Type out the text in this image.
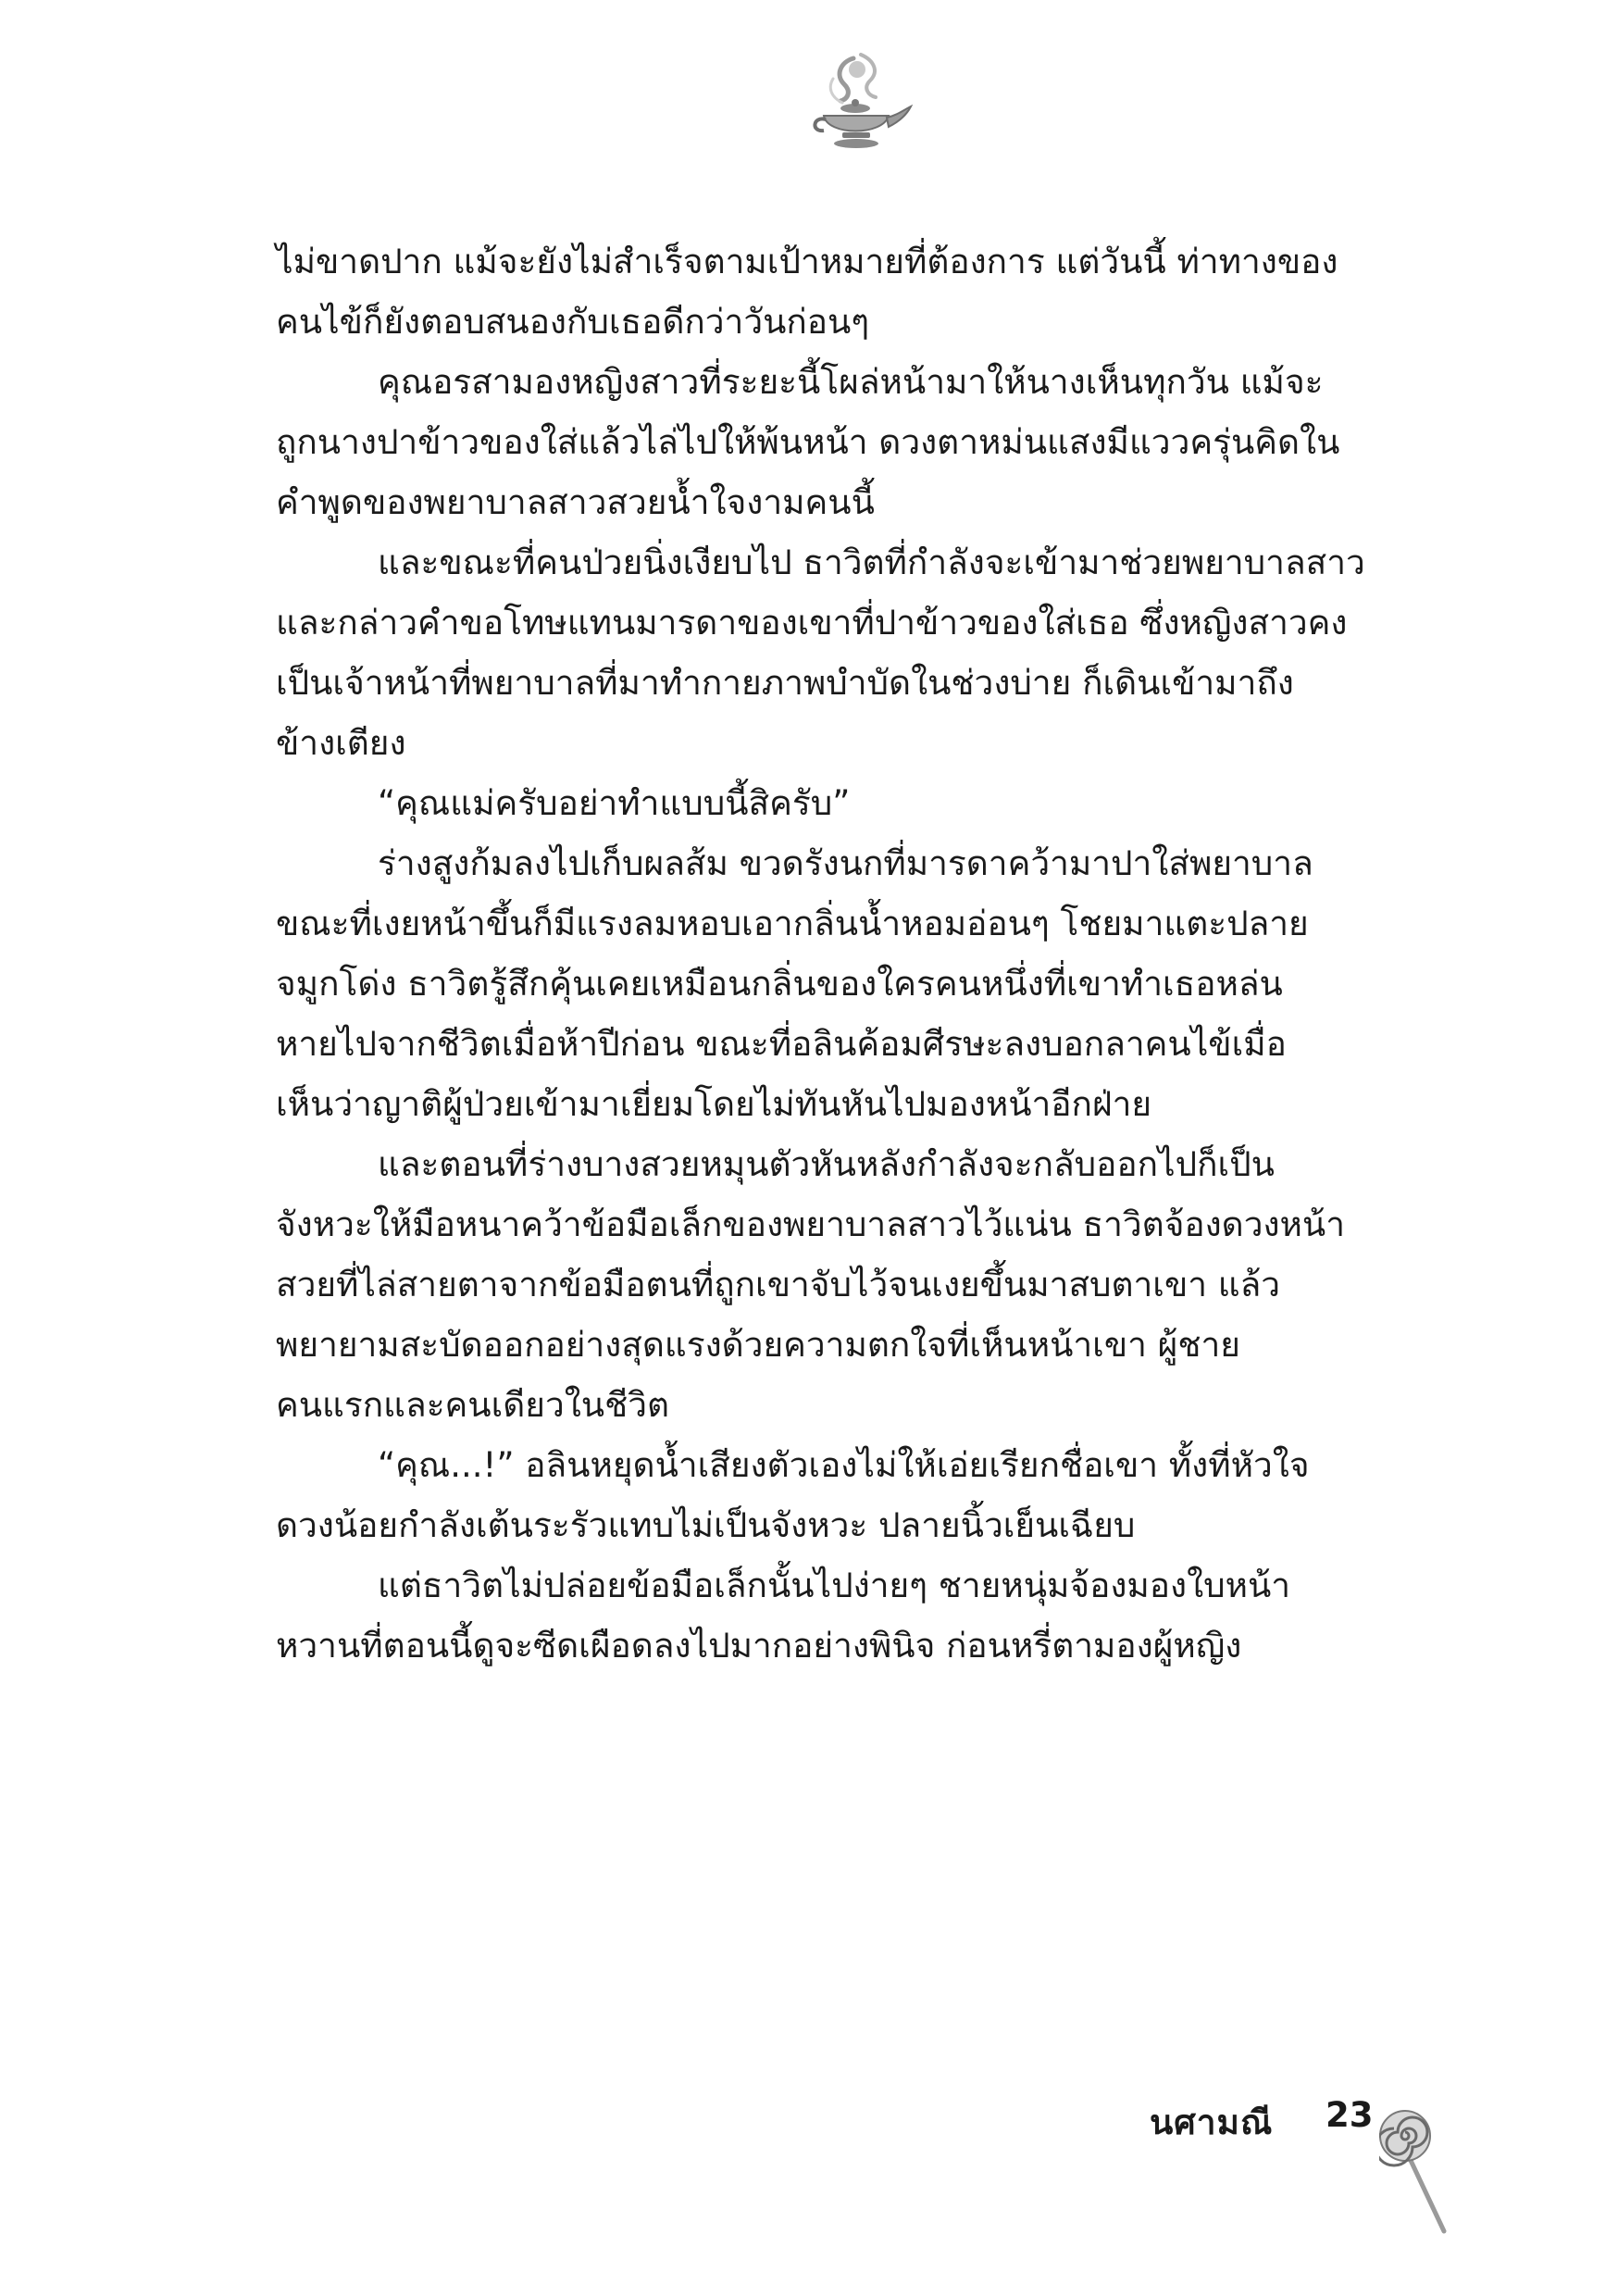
ไม่ขาดปาก แม้จะยังไม่สำเร็จตามเป้าหมายที่ต้องการ แต่วันนี้ ท่าทางของ

คนไข้ก็ยังตอบสนองกับเธอดีกว่าวันก่อนๆ

คุณอรสามองหญิงสาวที่ระยะนี้โผล่หน้ามาให้นางเห็นทุกวัน แม้จะ

ถูกนางปาข้าวของใส่แล้วไล่ไปให้พ้นหน้า ดวงตาหม่นแสงมีแววครุ่นคิดใน

คำพูดของพยาบาลสาวสวยน้ำใจงามคนนี้

และขณะที่คนป่วยนิ่งเงียบไป ธาวิตที่กำลังจะเข้ามาช่วยพยาบาลสาว

และกล่าวคำขอโทษแทนมารดาของเขาที่ปาข้าวของใส่เธอ ซึ่งหญิงสาวคง

เป็นเจ้าหน้าที่พยาบาลที่มาทำกายภาพบำบัดในช่วงบ่าย ก็เดินเข้ามาถึง

ข้างเตียง

“คุณแม่ครับอย่าทำแบบนี้สิครับ”

ร่างสูงก้มลงไปเก็บผลส้ม ขวดรังนกที่มารดาคว้ามาปาใส่พยาบาล

ขณะที่เงยหน้าขึ้นก็มีแรงลมหอบเอากลิ่นน้ำหอมอ่อนๆ โชยมาแตะปลาย

จมูกโด่ง ธาวิตรู้สึกคุ้นเคยเหมือนกลิ่นของใครคนหนึ่งที่เขาทำเธอหล่น

หายไปจากชีวิตเมื่อห้าปีก่อน ขณะที่อลินค้อมศีรษะลงบอกลาคนไข้เมื่อ

เห็นว่าญาติผู้ป่วยเข้ามาเยี่ยมโดยไม่ทันหันไปมองหน้าอีกฝ่าย

และตอนที่ร่างบางสวยหมุนตัวหันหลังกำลังจะกลับออกไปก็เป็น

จังหวะให้มือหนาคว้าข้อมือเล็กของพยาบาลสาวไว้แน่น ธาวิตจ้องดวงหน้า

สวยที่ไล่สายตาจากข้อมือตนที่ถูกเขาจับไว้จนเงยขึ้นมาสบตาเขา แล้ว

พยายามสะบัดออกอย่างสุดแรงด้วยความตกใจที่เห็นหน้าเขา ผู้ชาย

คนแรกและคนเดียวในชีวิต

“คุณ...!” อลินหยุดน้ำเสียงตัวเองไม่ให้เอ่ยเรียกชื่อเขา ทั้งที่หัวใจ

ดวงน้อยกำลังเต้นระรัวแทบไม่เป็นจังหวะ ปลายนิ้วเย็นเฉียบ

แต่ธาวิตไม่ปล่อยข้อมือเล็กนั้นไปง่ายๆ ชายหนุ่มจ้องมองใบหน้า

หวานที่ตอนนี้ดูจะซีดเผือดลงไปมากอย่างพินิจ ก่อนหรี่ตามองผู้หญิง

นศามณี 23
